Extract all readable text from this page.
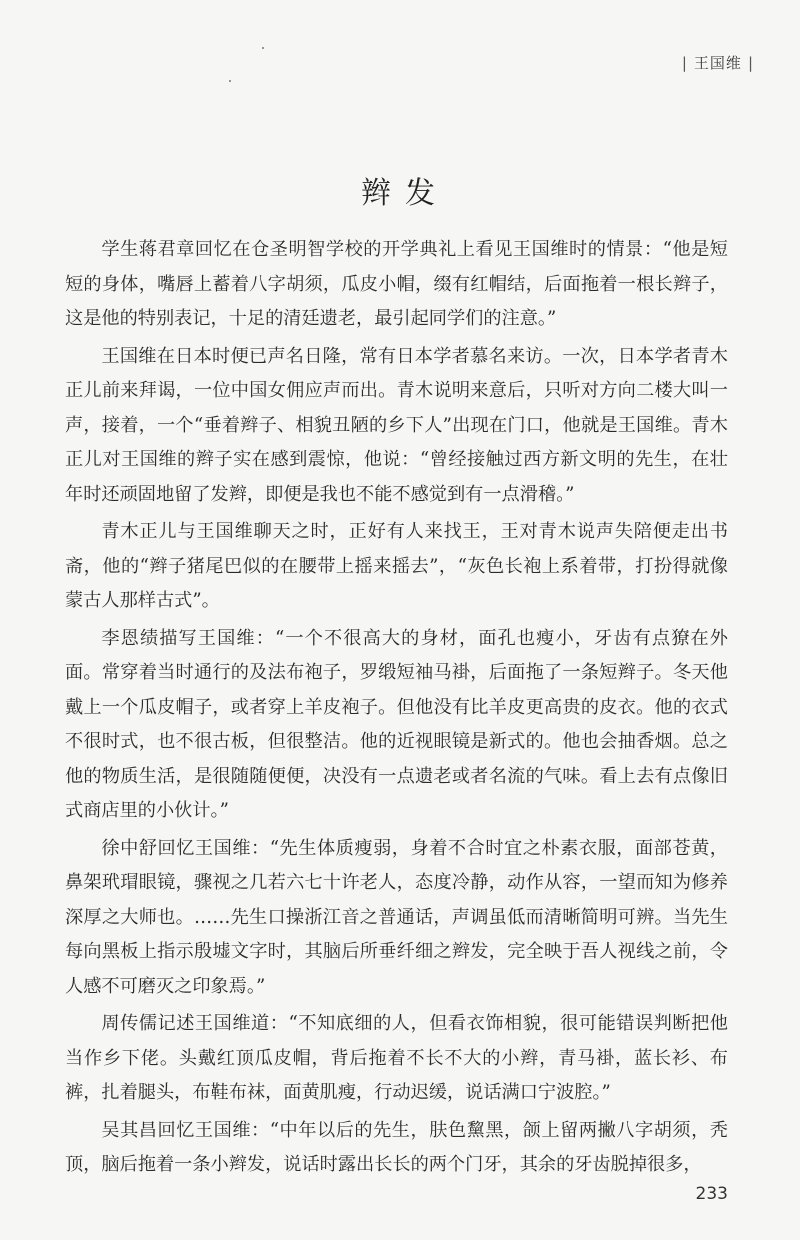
| 王国维 |
辫发

学生蒋君章回忆在仓圣明智学校的开学典礼上看见王国维时的情景：“他是短短的身体，嘴唇上蓄着八字胡须，瓜皮小帽，缀有红帽结，后面拖着一根长辫子，这是他的特别表记，十足的清廷遗老，最引起同学们的注意。”

王国维在日本时便已声名日隆，常有日本学者慕名来访。一次，日本学者青木正儿前来拜谒，一位中国女佣应声而出。青木说明来意后，只听对方向二楼大叫一声，接着，一个“垂着辫子、相貌丑陋的乡下人”出现在门口，他就是王国维。青木正儿对王国维的辫子实在感到震惊，他说：“曾经接触过西方新文明的先生，在壮年时还顽固地留了发辫，即便是我也不能不感觉到有一点滑稽。”

青木正儿与王国维聊天之时，正好有人来找王，王对青木说声失陪便走出书斋，他的“辫子猪尾巴似的在腰带上摇来摇去”，“灰色长袍上系着带，打扮得就像蒙古人那样古式”。

李恩绩描写王国维：“一个不很高大的身材，面孔也瘦小，牙齿有点獠在外面。常穿着当时通行的及法布袍子，罗缎短袖马褂，后面拖了一条短辫子。冬天他戴上一个瓜皮帽子，或者穿上羊皮袍子。但他没有比羊皮更高贵的皮衣。他的衣式不很时式，也不很古板，但很整洁。他的近视眼镜是新式的。他也会抽香烟。总之他的物质生活，是很随随便便，决没有一点遗老或者名流的气味。看上去有点像旧式商店里的小伙计。”

徐中舒回忆王国维：“先生体质瘦弱，身着不合时宜之朴素衣服，面部苍黄，鼻架玳瑁眼镜，骤视之几若六七十许老人，态度冷静，动作从容，一望而知为修养深厚之大师也。……先生口操浙江音之普通话，声调虽低而清晰简明可辨。当先生每向黑板上指示殷墟文字时，其脑后所垂纤细之辫发，完全映于吾人视线之前，令人感不可磨灭之印象焉。”

周传儒记述王国维道：“不知底细的人，但看衣饰相貌，很可能错误判断把他当作乡下佬。头戴红顶瓜皮帽，背后拖着不长不大的小辫，青马褂，蓝长衫、布裤，扎着腿头，布鞋布袜，面黄肌瘦，行动迟缓，说话满口宁波腔。”

吴其昌回忆王国维：“中年以后的先生，肤色黧黑，颌上留两撇八字胡须，秃顶，脑后拖着一条小辫发，说话时露出长长的两个门牙，其余的牙齿脱掉很多，

233
